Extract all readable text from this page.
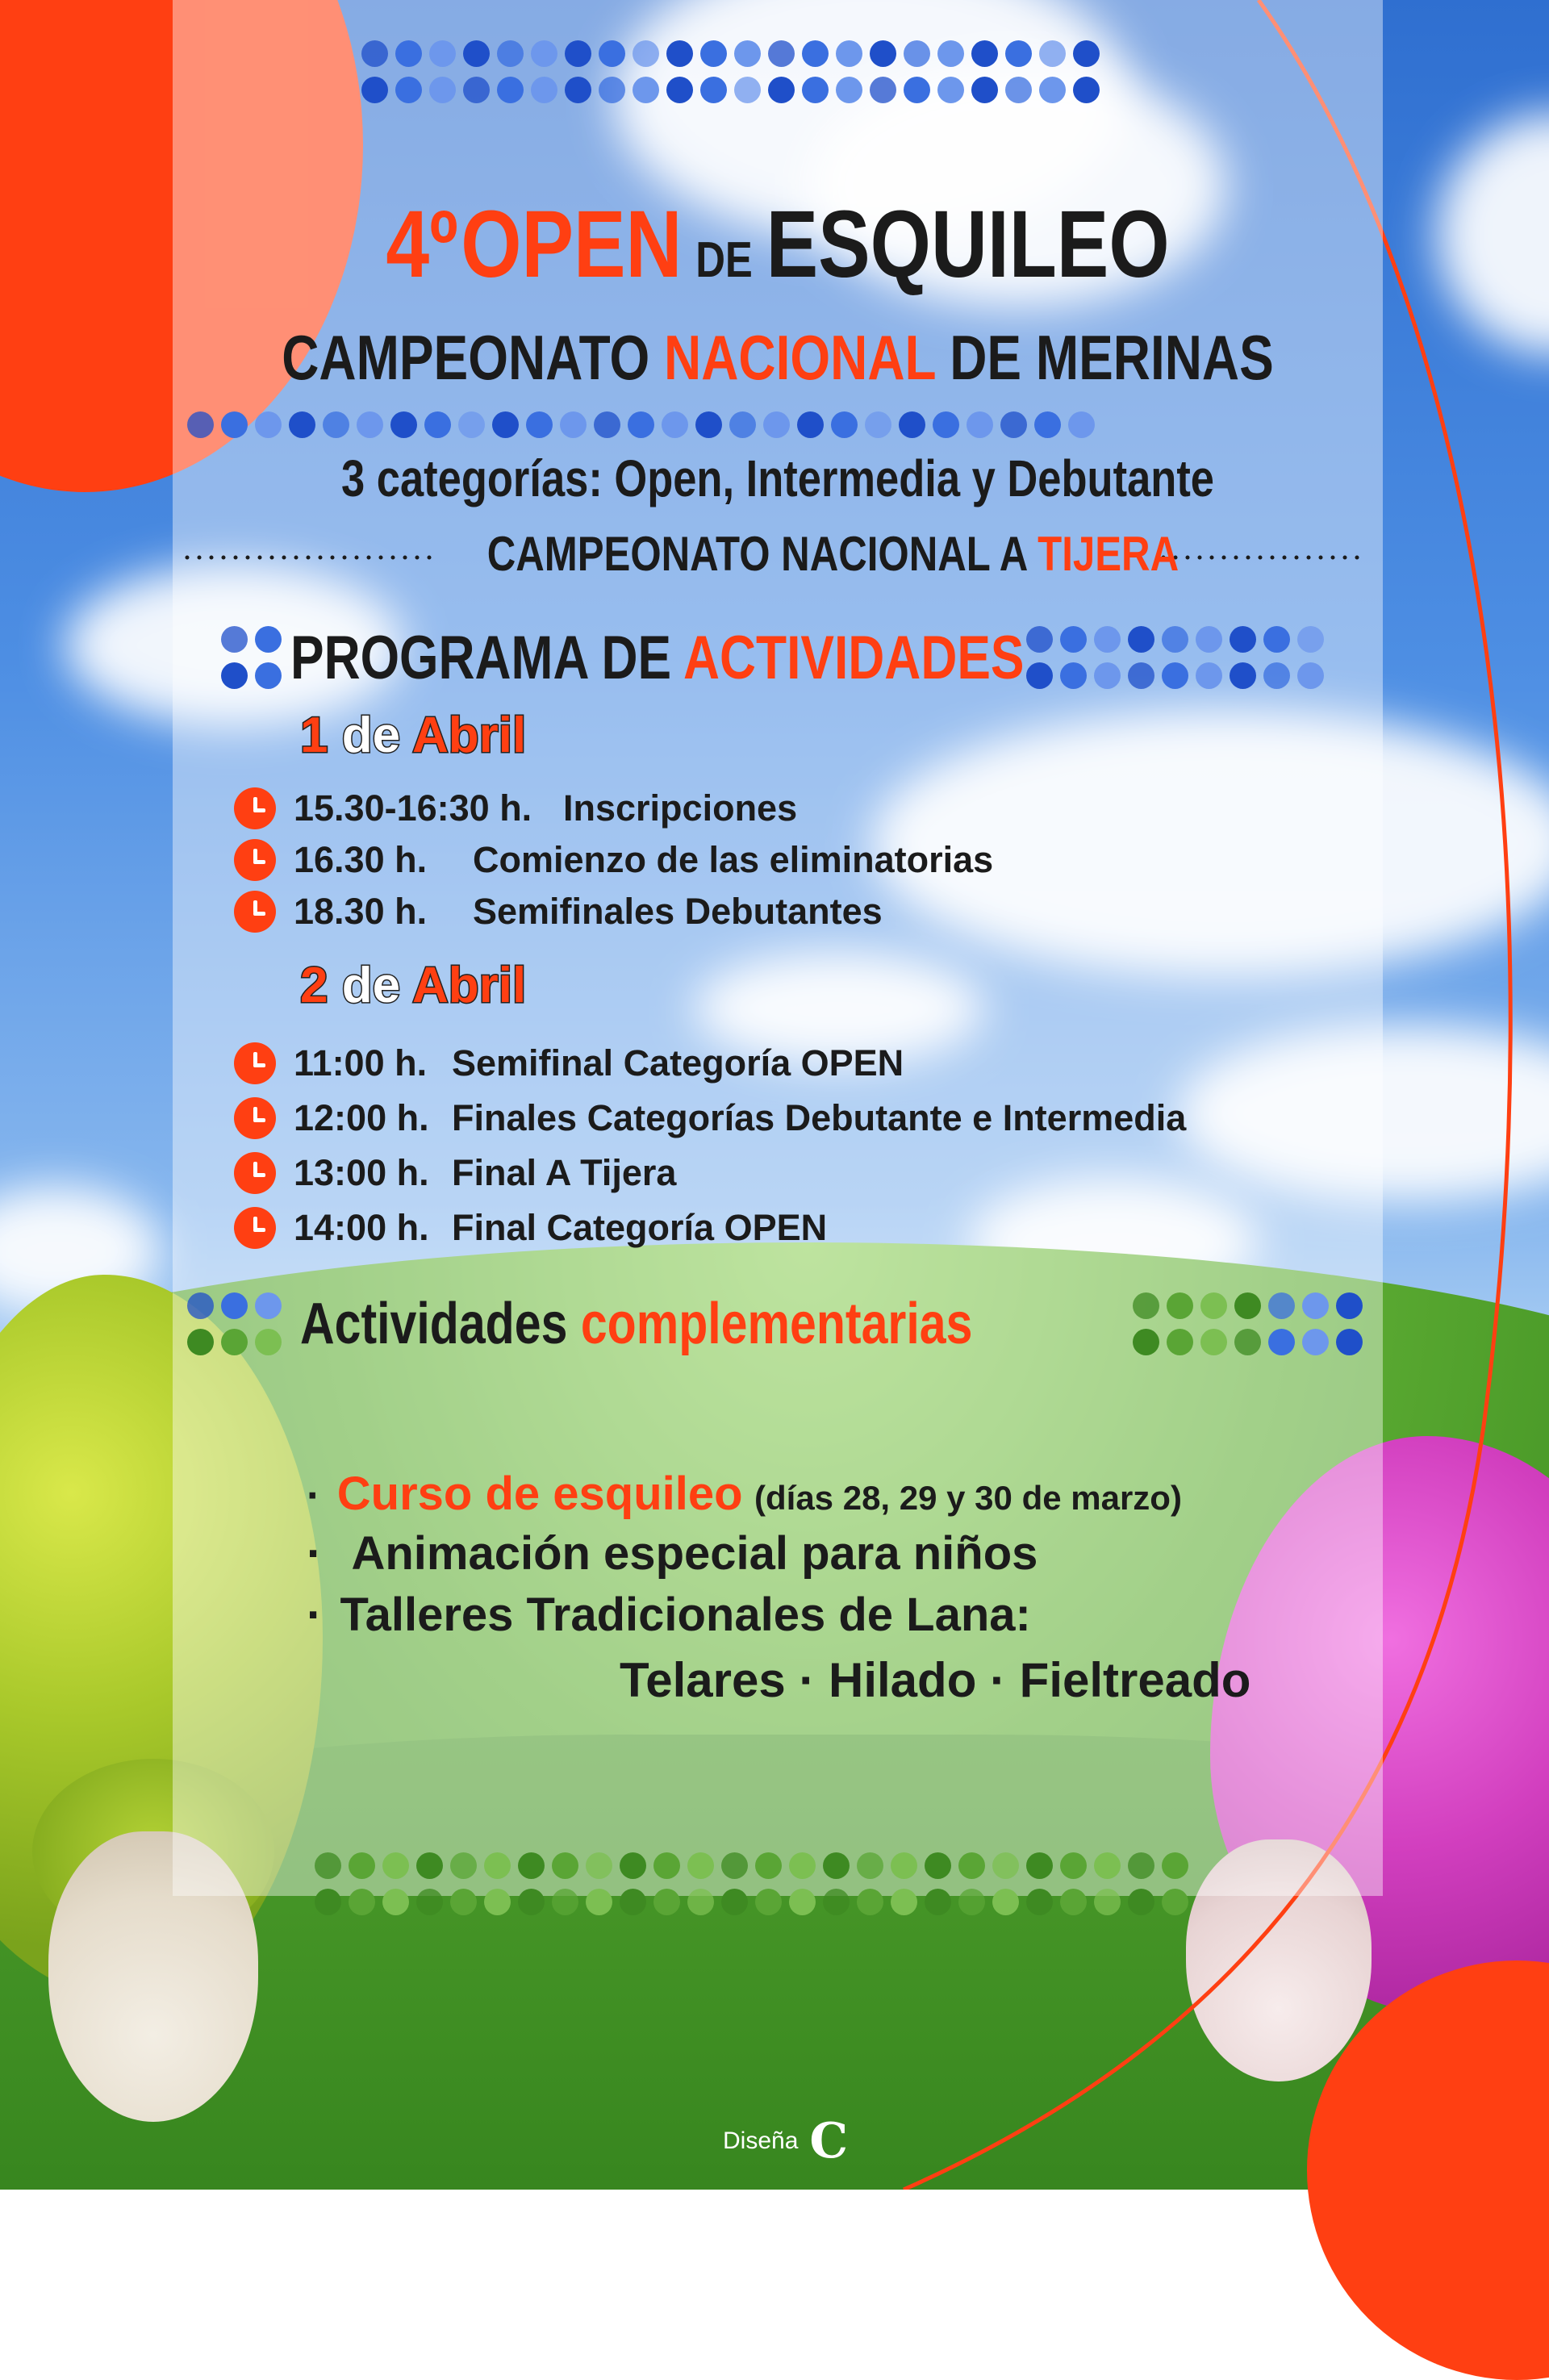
4º OPEN DE ESQUILEO
CAMPEONATO NACIONAL DE MERINAS
3 categorías: Open, Intermedia y Debutante
CAMPEONATO NACIONAL A TIJERA
PROGRAMA DE ACTIVIDADES
1 de Abril
15.30-16:30 h. Inscripciones
16.30 h.	Comienzo de las eliminatorias
18.30 h.	Semifinales Debutantes
2 de Abril
11:00 h. Semifinal Categoría OPEN
12:00 h. Finales Categorías Debutante e Intermedia
13:00 h. Final A Tijera
14:00 h. Final Categoría OPEN
Actividades complementarias
· Curso de esquileo (días 28, 29 y 30 de marzo)
· Animación especial para niños
· Talleres Tradicionales de Lana:
Telares · Hilado · Fieltreado
Diseña C
